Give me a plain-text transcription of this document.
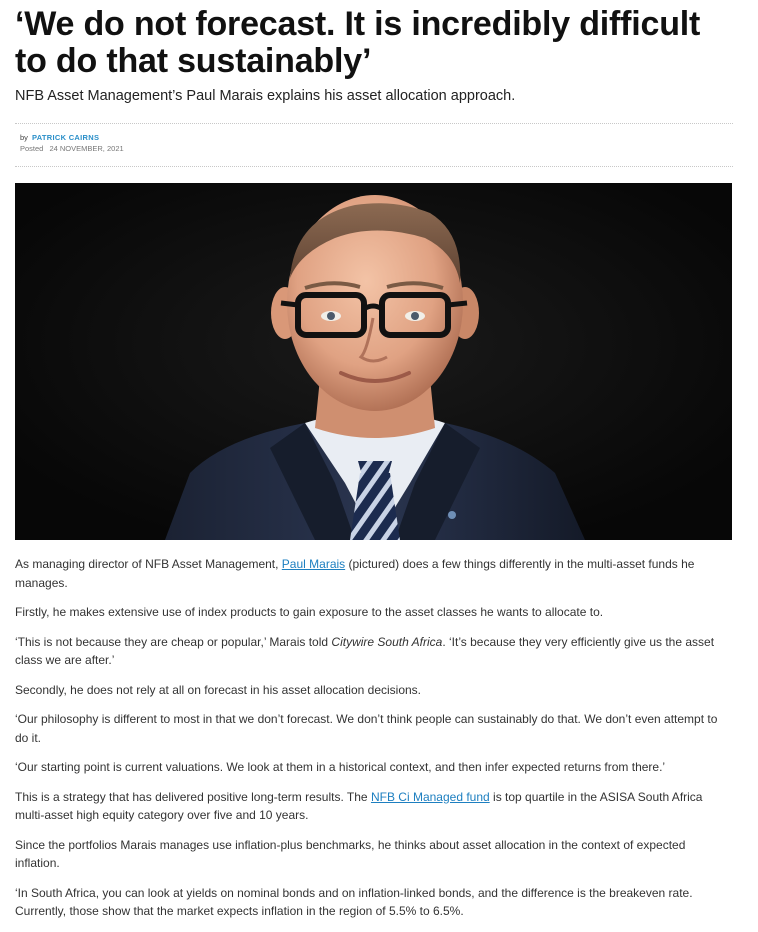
‘We do not forecast. It is incredibly difficult to do that sustainably’

NFB Asset Management’s Paul Marais explains his asset allocation approach.

by PATRICK CAIRNS
Posted 24 NOVEMBER, 2021

As managing director of NFB Asset Management, Paul Marais (pictured) does a few things differently in the multi-asset funds he manages.

Firstly, he makes extensive use of index products to gain exposure to the asset classes he wants to allocate to.

‘This is not because they are cheap or popular,’ Marais told Citywire South Africa. ‘It’s because they very efficiently give us the asset class we are after.’

Secondly, he does not rely at all on forecast in his asset allocation decisions.

‘Our philosophy is different to most in that we don’t forecast. We don’t think people can sustainably do that. We don’t even attempt to do it.

‘Our starting point is current valuations. We look at them in a historical context, and then infer expected returns from there.’

This is a strategy that has delivered positive long-term results. The NFB Ci Managed fund is top quartile in the ASISA South Africa multi-asset high equity category over five and 10 years.

Since the portfolios Marais manages use inflation-plus benchmarks, he thinks about asset allocation in the context of expected inflation.

‘In South Africa, you can look at yields on nominal bonds and on inflation-linked bonds, and the difference is the breakeven rate. Currently, those show that the market expects inflation in the region of 5.5% to 6.5%.
